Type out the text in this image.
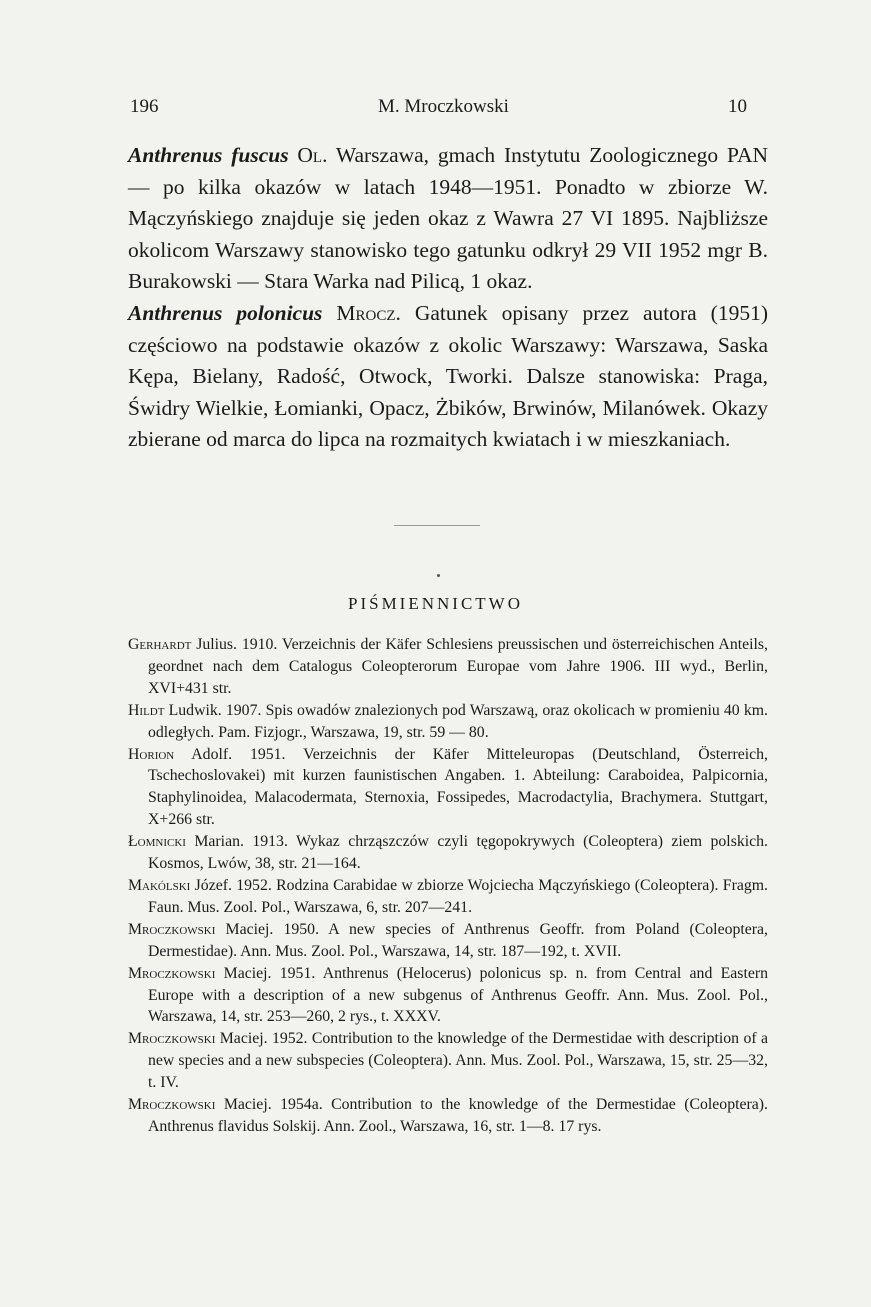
196	M. Mroczkowski	10

Anthrenus fuscus Ol. Warszawa, gmach Instytutu Zoologicznego PAN — po kilka okazów w latach 1948—1951. Ponadto w zbiorze W. Mączyńskiego znajduje się jeden okaz z Wawra 27 VI 1895. Najbliższe okolicom Warszawy stanowisko tego gatunku odkrył 29 VII 1952 mgr B. Burakowski — Stara Warka nad Pilicą, 1 okaz.

Anthrenus polonicus Mrocz. Gatunek opisany przez autora (1951) częściowo na podstawie okazów z okolic Warszawy: Warszawa, Saska Kępa, Bielany, Radość, Otwock, Tworki. Dalsze stanowiska: Praga, Świdry Wielkie, Łomianki, Opacz, Żbików, Brwinów, Milanówek. Okazy zbierane od marca do lipca na rozmaitych kwiatach i w mieszkaniach.

PIŚMIENNICTWO

Gerhardt Julius. 1910. Verzeichnis der Käfer Schlesiens preussischen und österreichischen Anteils, geordnet nach dem Catalogus Coleopterorum Europae vom Jahre 1906. III wyd., Berlin, XVI+431 str.

Hildt Ludwik. 1907. Spis owadów znalezionych pod Warszawą, oraz okolicach w promieniu 40 km. odległych. Pam. Fizjogr., Warszawa, 19, str. 59 — 80.

Horion Adolf. 1951. Verzeichnis der Käfer Mitteleuropas (Deutschland, Österreich, Tschechoslovakei) mit kurzen faunistischen Angaben. 1. Abteilung: Caraboidea, Palpicornia, Staphylinoidea, Malacodermata, Sternoxia, Fossipedes, Macrodactylia, Brachymera. Stuttgart, X+266 str.

Łomnicki Marian. 1913. Wykaz chrząszczów czyli tęgopokrywych (Coleoptera) ziem polskich. Kosmos, Lwów, 38, str. 21—164.

Makólski Józef. 1952. Rodzina Carabidae w zbiorze Wojciecha Mączyńskiego (Coleoptera). Fragm. Faun. Mus. Zool. Pol., Warszawa, 6, str. 207—241.

Mroczkowski Maciej. 1950. A new species of Anthrenus Geoffr. from Poland (Coleoptera, Dermestidae). Ann. Mus. Zool. Pol., Warszawa, 14, str. 187—192, t. XVII.

Mroczkowski Maciej. 1951. Anthrenus (Helocerus) polonicus sp. n. from Central and Eastern Europe with a description of a new subgenus of Anthrenus Geoffr. Ann. Mus. Zool. Pol., Warszawa, 14, str. 253—260, 2 rys., t. XXXV.

Mroczkowski Maciej. 1952. Contribution to the knowledge of the Dermestidae with description of a new species and a new subspecies (Coleoptera). Ann. Mus. Zool. Pol., Warszawa, 15, str. 25—32, t. IV.

Mroczkowski Maciej. 1954a. Contribution to the knowledge of the Dermestidae (Coleoptera). Anthrenus flavidus Solskij. Ann. Zool., Warszawa, 16, str. 1—8. 17 rys.
